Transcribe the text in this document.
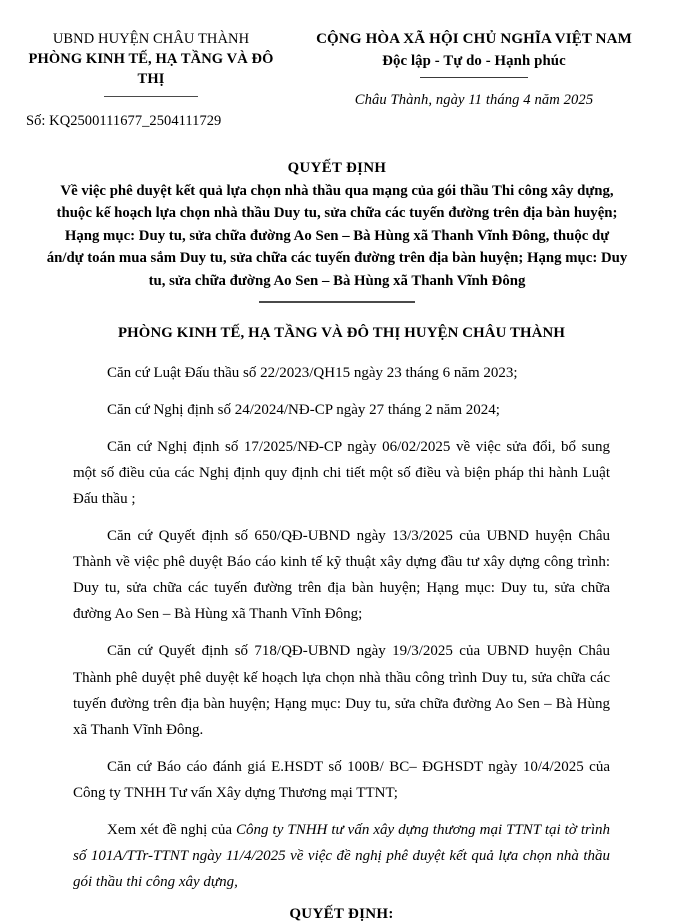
UBND HUYỆN CHÂU THÀNH
PHÒNG KINH TẾ, HẠ TẦNG VÀ ĐÔ THỊ
Số: KQ2500111677_2504111729
CỘNG HÒA XÃ HỘI CHỦ NGHĨA VIỆT NAM
Độc lập - Tự do - Hạnh phúc
Châu Thành, ngày 11 tháng 4 năm 2025
QUYẾT ĐỊNH
Về việc phê duyệt kết quả lựa chọn nhà thầu qua mạng của gói thầu Thi công xây dựng, thuộc kế hoạch lựa chọn nhà thầu Duy tu, sửa chữa các tuyến đường trên địa bàn huyện; Hạng mục: Duy tu, sửa chữa đường Ao Sen – Bà Hùng xã Thanh Vĩnh Đông, thuộc dự án/dự toán mua sắm Duy tu, sửa chữa các tuyến đường trên địa bàn huyện; Hạng mục: Duy tu, sửa chữa đường Ao Sen – Bà Hùng xã Thanh Vĩnh Đông
PHÒNG KINH TẾ, HẠ TẦNG VÀ ĐÔ THỊ HUYỆN CHÂU THÀNH

Căn cứ Luật Đấu thầu số 22/2023/QH15 ngày 23 tháng 6 năm 2023;

Căn cứ Nghị định số 24/2024/NĐ-CP ngày 27 tháng 2 năm 2024;

Căn cứ Nghị định số 17/2025/NĐ-CP ngày 06/02/2025 về việc sửa đổi, bổ sung một số điều của các Nghị định quy định chi tiết một số điều và biện pháp thi hành Luật Đấu thầu ;

Căn cứ Quyết định số 650/QĐ-UBND ngày 13/3/2025 của UBND huyện Châu Thành về việc phê duyệt Báo cáo kinh tế kỹ thuật xây dựng đầu tư xây dựng công trình: Duy tu, sửa chữa các tuyến đường trên địa bàn huyện; Hạng mục: Duy tu, sửa chữa đường Ao Sen – Bà Hùng xã Thanh Vĩnh Đông;

Căn cứ Quyết định số 718/QĐ-UBND ngày 19/3/2025 của UBND huyện Châu Thành phê duyệt phê duyệt kế hoạch lựa chọn nhà thầu công trình Duy tu, sửa chữa các tuyến đường trên địa bàn huyện; Hạng mục: Duy tu, sửa chữa đường Ao Sen – Bà Hùng xã Thanh Vĩnh Đông.

Căn cứ Báo cáo đánh giá E.HSDT số 100B/ BC– ĐGHSDT ngày 10/4/2025 của Công ty TNHH Tư vấn Xây dựng Thương mại TTNT;

Xem xét đề nghị của Công ty TNHH tư vấn xây dựng thương mại TTNT tại tờ trình số 101A/TTr-TTNT ngày 11/4/2025 về việc đề nghị phê duyệt kết quả lựa chọn nhà thầu gói thầu thi công xây dựng,

QUYẾT ĐỊNH:
